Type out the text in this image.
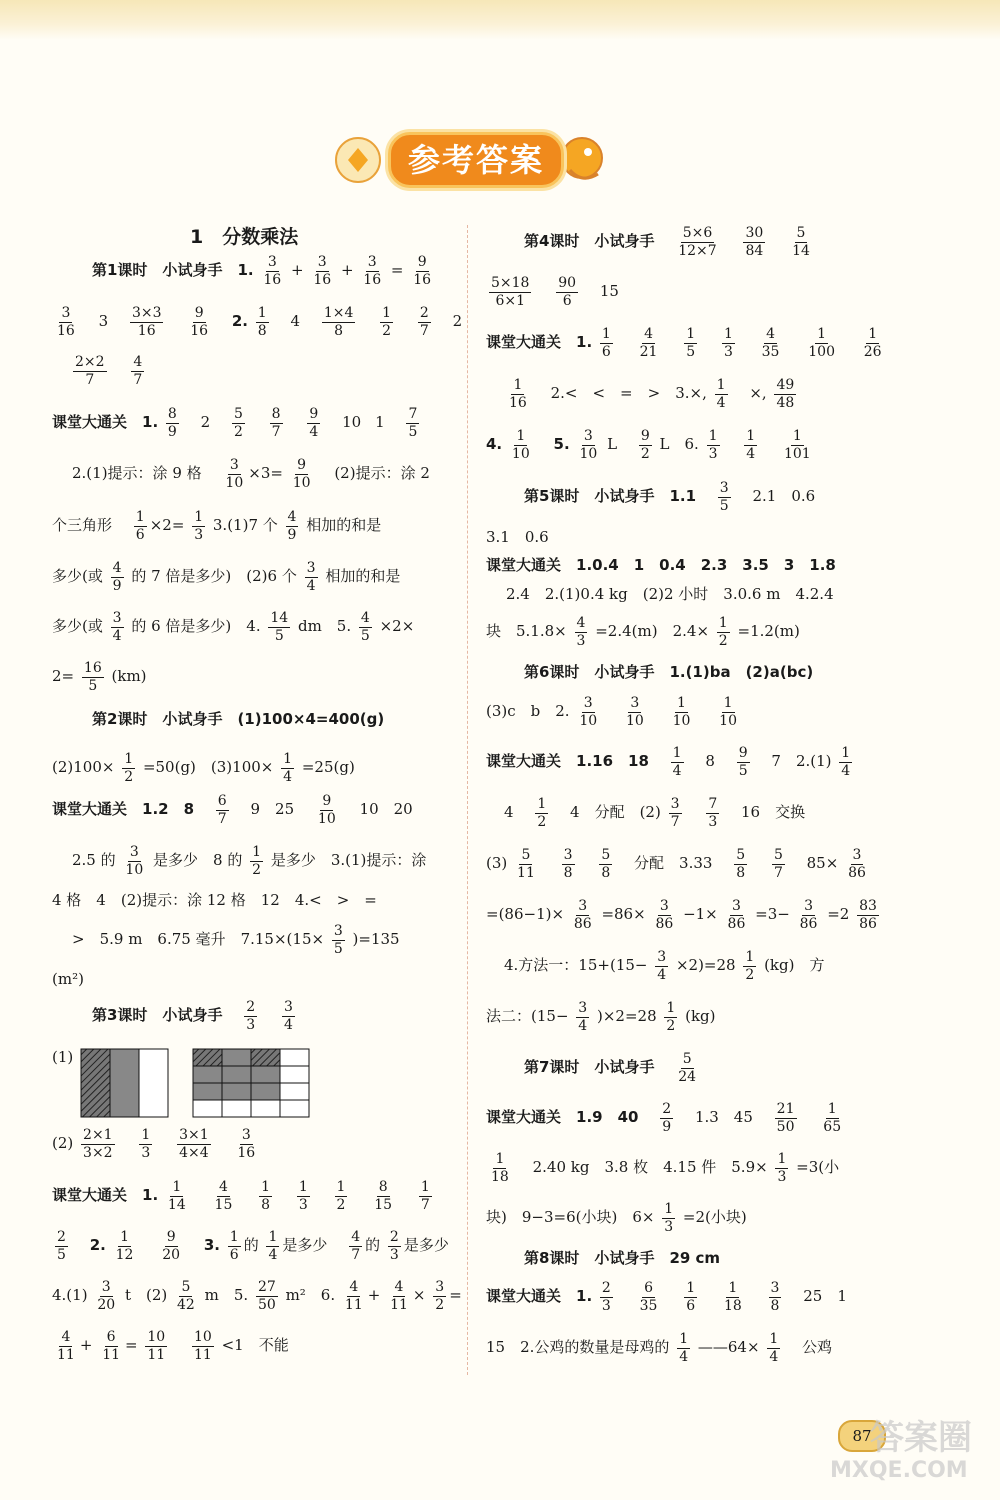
参考答案
1　分数乘法
第1课时　小试身手　1. $\frac{3}{16} + \frac{3}{16} + \frac{3}{16} = \frac{9}{16}$
$\frac{3}{16} 3 \frac{3\times 3}{16}$
$\frac{9}{16} 2$. $\frac{1}{8} 4 \frac{1\times 4}{8}$
$\frac{1}{2}$
$\frac{2}{7} 2$
$\frac{2\times 2}{7}$
$\frac{4}{7}$
课堂大通关　1. $\frac{8}{9} 2 \frac{5}{2}$
$\frac{8}{7}$
$\frac{9}{4} 10$ $1 \frac{7}{5}$
2.(1)提示：涂 9 格 $\frac{3}{10} \times 3= \frac{9}{10} (2)$提示：涂 2
个三角形 $\frac{1}{6} \times 2= \frac{1}{3} 3.(1)7$ 个 $\frac{4}{9}$ 相加的和是
多少(或 $\frac{4}{9}$ 的 7 倍是多少)　(2)6 个 $\frac{3}{4}$ 相加的和是
多少(或 $\frac{3}{4}$ 的 6 倍是多少)　4. $\frac{14}{5}$ dm　5. $\frac{4}{5} \times 2\times$
$2= \frac{16}{5} (km)$
第2课时　小试身手　(1)100×4=400(g)
$(2)100\times \frac{1}{2} =50(g)$　$(3)100\times \frac{1}{4} =25(g)$
课堂大通关　1.2　$8 \frac{6}{7} 9$　$25 \frac{9}{10} 10$　20
2.5 的 $\frac{3}{10}$ 是多少　8 的 $\frac{1}{2}$ 是多少　3.(1)提示：涂
4 格　4　(2)提示：涂 12 格　12　4.<　>　=
>　5.9 m　6.75 毫升　$7.15\times(15\times \frac{3}{5} )=135$
(m²)
第3课时　小试身手 $\frac{2}{3}$
$\frac{3}{4}$
(1)
$(2) \frac{2\times 1}{3\times 2}$
$\frac{1}{3}$
$\frac{3\times 1}{4\times 4}$
$\frac{3}{16}$
课堂大通关　1. $\frac{1}{14}$
$\frac{4}{15}$
$\frac{1}{8}$
$\frac{1}{3}$
$\frac{1}{2}$
$\frac{8}{15}$
$\frac{1}{7}$
$\frac{2}{5} 2$. $\frac{1}{12}$
$\frac{9}{20} 3$. $\frac{1}{6}$ 的 $\frac{1}{4}$ 是多少 $\frac{4}{7}$ 的 $\frac{2}{3}$ 是多少
$4.(1) \frac{3}{20}$ t　$(2) \frac{5}{42}$ m　5. $\frac{27}{50} m^2$　6. $\frac{4}{11} + \frac{4}{11} \times \frac{3}{2}$ =
$\frac{4}{11} + \frac{6}{11} = \frac{10}{11}$
$\frac{10}{11} <1$　不能
第4课时　小试身手 $\frac{5\times 6}{12\times 7}$
$\frac{30}{84}$
$\frac{5}{14}$
$\frac{5\times 18}{6\times 1}$
$\frac{90}{6} 15$
课堂大通关　1. $\frac{1}{6}$
$\frac{4}{21}$
$\frac{1}{5}$
$\frac{1}{3}$
$\frac{4}{35}$
$\frac{1}{100}$
$\frac{1}{26}$
$\frac{1}{16} 2.<$　<　=　>　3.×, $\frac{1}{4}$ ×, $\frac{49}{48}$
4. $\frac{1}{10} 5$. $\frac{3}{10}$ L $\frac{9}{2}$ L　6. $\frac{1}{3}$
$\frac{1}{4}$
$\frac{1}{101}$
第5课时　小试身手　$1.1 \frac{3}{5} 2.1$　0.6
3.1　0.6
课堂大通关　1.0.4　1　0.4　2.3　3.5　3　1.8
2.4　2.(1)0.4 kg　(2)2 小时　3.0.6 m　4.2.4
块　$5.1.8\times \frac{4}{3} =2.4(m)$　$2.4\times \frac{1}{2} =1.2(m)$
第6课时　小试身手　1.(1)ba　(2)a(bc)
(3)c　b　2. $\frac{3}{10}$
$\frac{3}{10}$
$\frac{1}{10}$
$\frac{1}{10}$
课堂大通关　1.16　$18 \frac{1}{4} 8 \frac{9}{5} 7$　$2.(1) \frac{1}{4}$
$4 \frac{1}{2} 4$　分配　$(2) \frac{3}{7}$
$\frac{7}{3} 16$　交换
$(3) \frac{5}{11}$
$\frac{3}{8}$
$\frac{5}{8}$ 分配　$3.33 \frac{5}{8}$
$\frac{5}{7} 85\times \frac{3}{86}$
$=(86-1)\times \frac{3}{86} =86\times \frac{3}{86} -1\times \frac{3}{86} =3- \frac{3}{86} =2 \frac{83}{86}$
4.方法一：$15+(15- \frac{3}{4} \times 2)=28 \frac{1}{2} (kg)$　方
法二：$(15- \frac{3}{4} )\times 2=28 \frac{1}{2} (kg)$
第7课时　小试身手 $\frac{5}{24}$
课堂大通关　1.9　$40 \frac{2}{9} 1.3$　$45 \frac{21}{50}$
$\frac{1}{65}$
$\frac{1}{18} 2.40$ kg　3.8 枚　4.15 件　$5.9\times \frac{1}{3} =3$(小
块)　9−3=6(小块)　$6\times \frac{1}{3} =2$(小块)
第8课时　小试身手　29 cm
课堂大通关　1. $\frac{2}{3}$
$\frac{6}{35}$
$\frac{1}{6}$
$\frac{1}{18}$
$\frac{3}{8} 25$　1
15　2.公鸡的数量是母鸡的 $\frac{1}{4}$ ——64× $\frac{1}{4}$ 公鸡
87
答案圈
MXQE.COM
